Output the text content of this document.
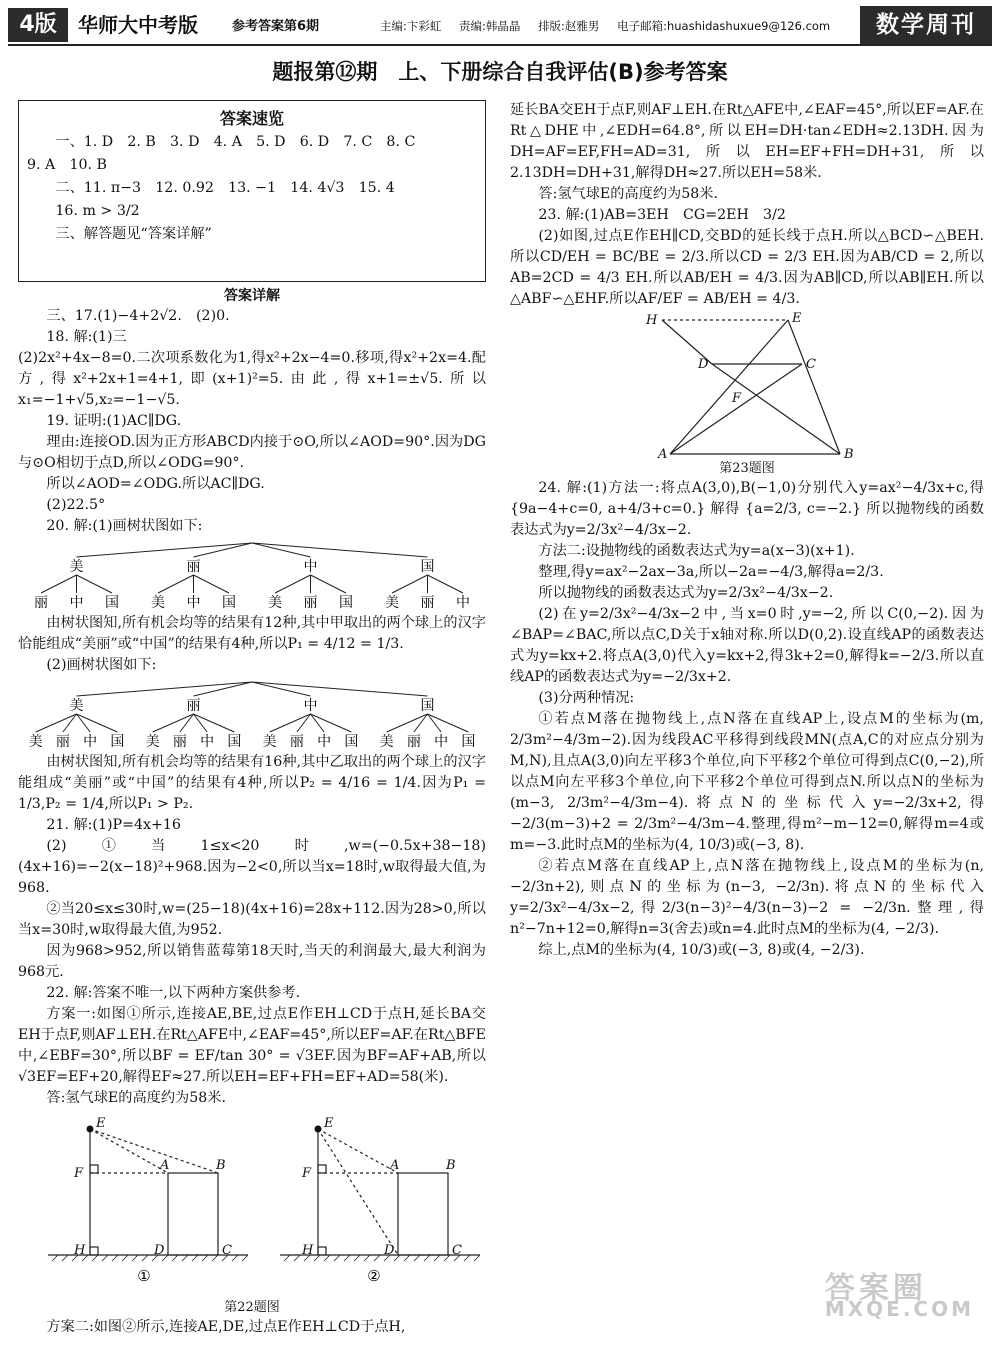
4版	华师大中考版	参考答案第6期	主编:卞彩虹 责编:韩晶晶 排版:赵雅男 电子邮箱:huashidashuxue9@126.com	数学周刊
题报第⑫期　上、下册综合自我评估(B)参考答案
答案速览

一、1. D　2. B　3. D　4. A　5. D　6. D　7. C　8. C

9. A　10. B

二、11. π−3　12. 0.92　13. −1　14. 4√3　15. 4

16. m > 3/2

三、解答题见“答案详解”

答案详解

三、17.(1)−4+2√2.　(2)0.

18. 解:(1)三

(2)2x²+4x−8=0.二次项系数化为1,得x²+2x−4=0.移项,得x²+2x=4.配方,得x²+2x+1=4+1,即(x+1)²=5.由此,得x+1=±√5.所以x₁=−1+√5,x₂=−1−√5.

19. 证明:(1)AC∥DG.

理由:连接OD.因为正方形ABCD内接于⊙O,所以∠AOD=90°.因为DG与⊙O相切于点D,所以∠ODG=90°.

所以∠AOD=∠ODG.所以AC∥DG.

(2)22.5°

20. 解:(1)画树状图如下:

美
丽 中 国
丽
美 中 国
中
美 丽 国
国
美 丽 中

由树状图知,所有机会均等的结果有12种,其中甲取出的两个球上的汉字恰能组成“美丽”或“中国”的结果有4种,所以P₁ = 4/12 = 1/3.

(2)画树状图如下:

美
美 丽 中 国
丽
美 丽 中 国
中
美 丽 中 国
国
美 丽 中 国

由树状图知,所有机会均等的结果有16种,其中乙取出的两个球上的汉字能组成“美丽”或“中国”的结果有4种,所以P₂ = 4/16 = 1/4.因为P₁ = 1/3,P₂ = 1/4,所以P₁ > P₂.

21. 解:(1)P=4x+16

(2)①当1≤x<20时,w=(−0.5x+38−18)(4x+16)=−2(x−18)²+968.因为−2<0,所以当x=18时,w取得最大值,为968.

②当20≤x≤30时,w=(25−18)(4x+16)=28x+112.因为28>0,所以当x=30时,w取得最大值,为952.

因为968>952,所以销售蓝莓第18天时,当天的利润最大,最大利润为968元.

22. 解:答案不唯一,以下两种方案供参考.

方案一:如图①所示,连接AE,BE,过点E作EH⊥CD于点H,延长BA交EH于点F,则AF⊥EH.在Rt△AFE中,∠EAF=45°,所以EF=AF.在Rt△BFE中,∠EBF=30°,所以BF = EF/tan 30° = √3EF.因为BF=AF+AB,所以√3EF=EF+20,解得EF≈27.所以EH=EF+FH=EF+AD=58(米).

答:氢气球E的高度约为58米.

E
F
A	B
H	D	C
E
F
A	B
H	D	C
①	②
第22题图

方案二:如图②所示,连接AE,DE,过点E作EH⊥CD于点H,

延长BA交EH于点F,则AF⊥EH.在Rt△AFE中,∠EAF=45°,所以EF=AF.在Rt△DHE中,∠EDH=64.8°,所以EH=DH·tan∠EDH≈2.13DH.因为DH=AF=EF,FH=AD=31,所以EH=EF+FH=DH+31,所以2.13DH=DH+31,解得DH≈27.所以EH=58米.

答:氢气球E的高度约为58米.

23. 解:(1)AB=3EH　CG=2EH　3/2

(2)如图,过点E作EH∥CD,交BD的延长线于点H.所以△BCD∽△BEH.所以CD/EH = BC/BE = 2/3.所以CD = 2/3 EH.因为AB/CD = 2,所以AB=2CD = 4/3 EH.所以AB/EH = 4/3.因为AB∥CD,所以AB∥EH.所以△ABF∽△EHF.所以AF/EF = AB/EH = 4/3.

H	E
D	C
F
A	B
第23题图

24. 解:(1)方法一:将点A(3,0),B(−1,0)分别代入y=ax²−4/3x+c,得 {9a−4+c=0, a+4/3+c=0.} 解得 {a=2/3, c=−2.} 所以抛物线的函数表达式为y=2/3x²−4/3x−2.

方法二:设抛物线的函数表达式为y=a(x−3)(x+1).

整理,得y=ax²−2ax−3a,所以−2a=−4/3,解得a=2/3.

所以抛物线的函数表达式为y=2/3x²−4/3x−2.

(2)在y=2/3x²−4/3x−2中,当x=0时,y=−2,所以C(0,−2).因为∠BAP=∠BAC,所以点C,D关于x轴对称.所以D(0,2).设直线AP的函数表达式为y=kx+2.将点A(3,0)代入y=kx+2,得3k+2=0,解得k=−2/3.所以直线AP的函数表达式为y=−2/3x+2.

(3)分两种情况:

①若点M落在抛物线上,点N落在直线AP上,设点M的坐标为(m, 2/3m²−4/3m−2).因为线段AC平移得到线段MN(点A,C的对应点分别为M,N),且点A(3,0)向左平移3个单位,向下平移2个单位可得到点C(0,−2),所以点M向左平移3个单位,向下平移2个单位可得到点N.所以点N的坐标为(m−3, 2/3m²−4/3m−4).将点N的坐标代入y=−2/3x+2,得−2/3(m−3)+2 = 2/3m²−4/3m−4.整理,得m²−m−12=0,解得m=4或m=−3.此时点M的坐标为(4, 10/3)或(−3, 8).

②若点M落在直线AP上,点N落在抛物线上,设点M的坐标为(n, −2/3n+2),则点N的坐标为(n−3, −2/3n).将点N的坐标代入y=2/3x²−4/3x−2,得2/3(n−3)²−4/3(n−3)−2 = −2/3n.整理,得n²−7n+12=0,解得n=3(舍去)或n=4.此时点M的坐标为(4, −2/3).

综上,点M的坐标为(4, 10/3)或(−3, 8)或(4, −2/3).

答案圈
MXQE.COM
